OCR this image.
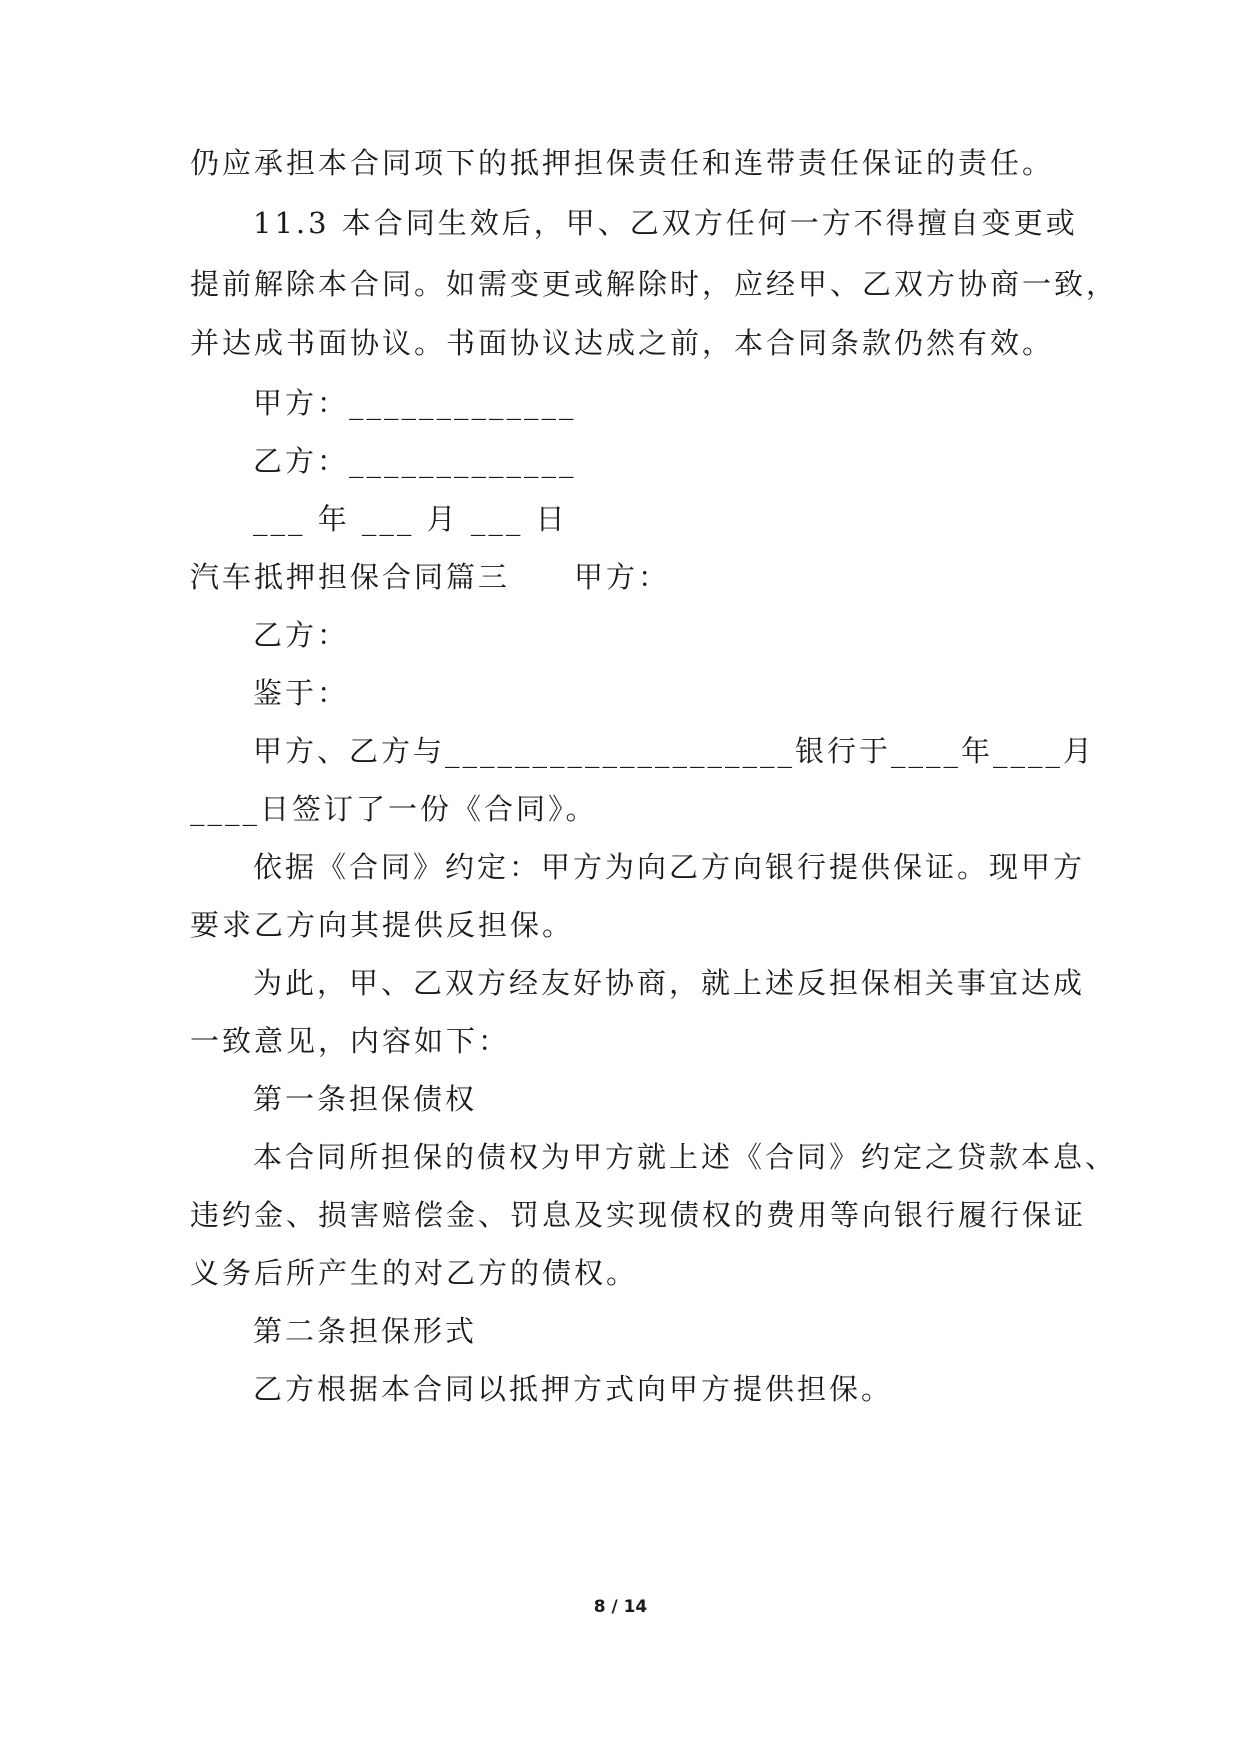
仍应承担本合同项下的抵押担保责任和连带责任保证的责任。
11.3 本合同生效后，甲、乙双方任何一方不得擅自变更或
提前解除本合同。如需变更或解除时，应经甲、乙双方协商一致，
并达成书面协议。书面协议达成之前，本合同条款仍然有效。
甲方：_____________
乙方：_____________
___ 年 ___ 月 ___ 日
汽车抵押担保合同篇三　　甲方：
乙方：
鉴于：
甲方、乙方与____________________银行于____年____月
____日签订了一份《合同》。
依据《合同》约定：甲方为向乙方向银行提供保证。现甲方
要求乙方向其提供反担保。
为此，甲、乙双方经友好协商，就上述反担保相关事宜达成
一致意见，内容如下：
第一条担保债权
本合同所担保的债权为甲方就上述《合同》约定之贷款本息、
违约金、损害赔偿金、罚息及实现债权的费用等向银行履行保证
义务后所产生的对乙方的债权。
第二条担保形式
乙方根据本合同以抵押方式向甲方提供担保。
8 / 14
